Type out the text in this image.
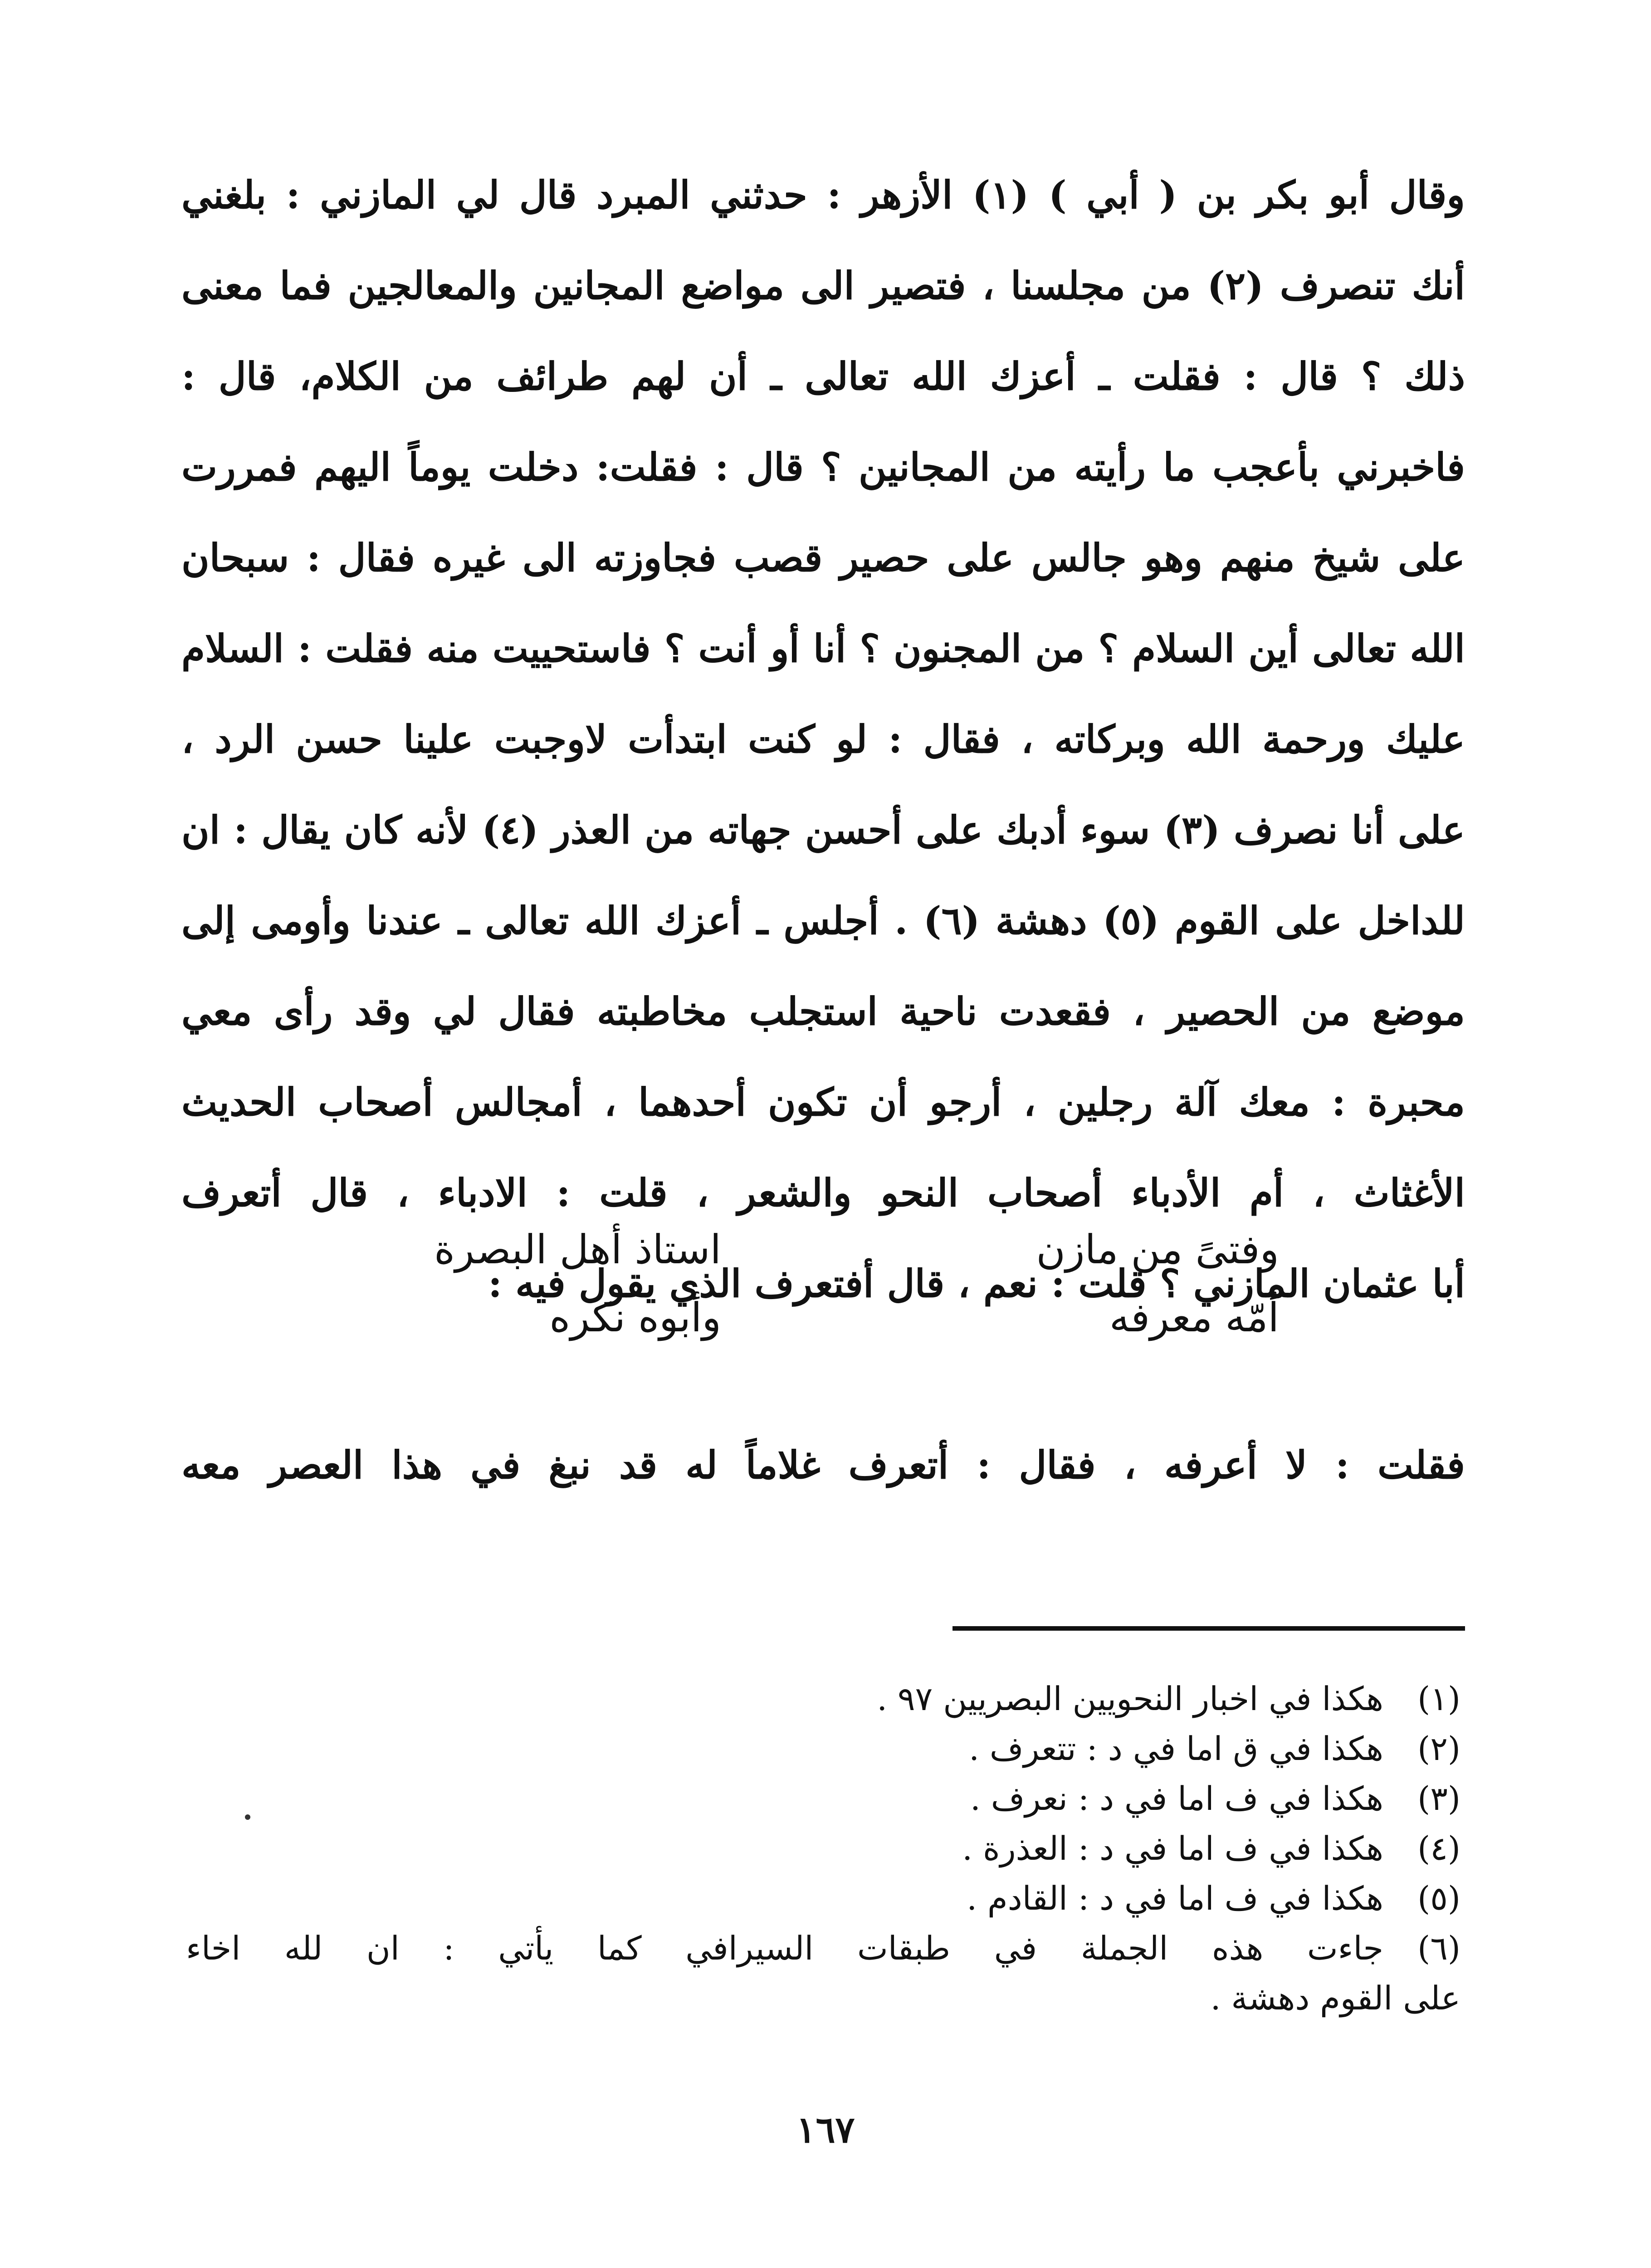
وقال أبو بكر بن ( أبي ) (١) الأزهر : حدثني المبرد قال لي المازني : بلغني
أنك تنصرف (٢) من مجلسنا ، فتصير الى مواضع المجانين والمعالجين فما معنى
ذلك ؟ قال : فقلت ـ أعزك الله تعالى ـ أن لهم طرائف من الكلام، قال :
فاخبرني بأعجب ما رأيته من المجانين ؟ قال : فقلت: دخلت يوماً اليهم فمررت
على شيخ منهم وهو جالس على حصير قصب فجاوزته الى غيره فقال : سبحان
الله تعالى أين السلام ؟ من المجنون ؟ أنا أو أنت ؟ فاستحييت منه فقلت : السلام
عليك ورحمة الله وبركاته ، فقال : لو كنت ابتدأت لاوجبت علينا حسن الرد ،
على أنا نصرف (٣) سوء أدبك على أحسن جهاته من العذر (٤) لأنه كان يقال : ان
للداخل على القوم (٥) دهشة (٦) . أجلس ـ أعزك الله تعالى ـ عندنا وأومى إلى
موضع من الحصير ، فقعدت ناحية استجلب مخاطبته فقال لي وقد رأى معي
محبرة : معك آلة رجلين ، أرجو أن تكون أحدهما ، أمجالس أصحاب الحديث
الأغثاث ، أم الأدباء أصحاب النحو والشعر ، قلت : الادباء ، قال أتعرف
أبا عثمان المازني ؟ قلت : نعم ، قال أفتعرف الذي يقول فيه :
وفتىً من مازن
استاذ أهل البصرة
أمّه معرفه
وأبوه نكره
فقلت : لا أعرفه ، فقال : أتعرف غلاماً له قد نبغ في هذا العصر معه
(١)
هكذا في اخبار النحويين البصريين ٩٧ .
(٢)
هكذا في ق اما في د : تتعرف .
(٣)
هكذا في ف اما في د : نعرف .
(٤)
هكذا في ف اما في د : العذرة .
(٥)
هكذا في ف اما في د : القادم .
(٦)
جاءت هذه الجملة في طبقات السيرافي كما يأتي : ان لله اخاء
على القوم دهشة .
١٦٧
